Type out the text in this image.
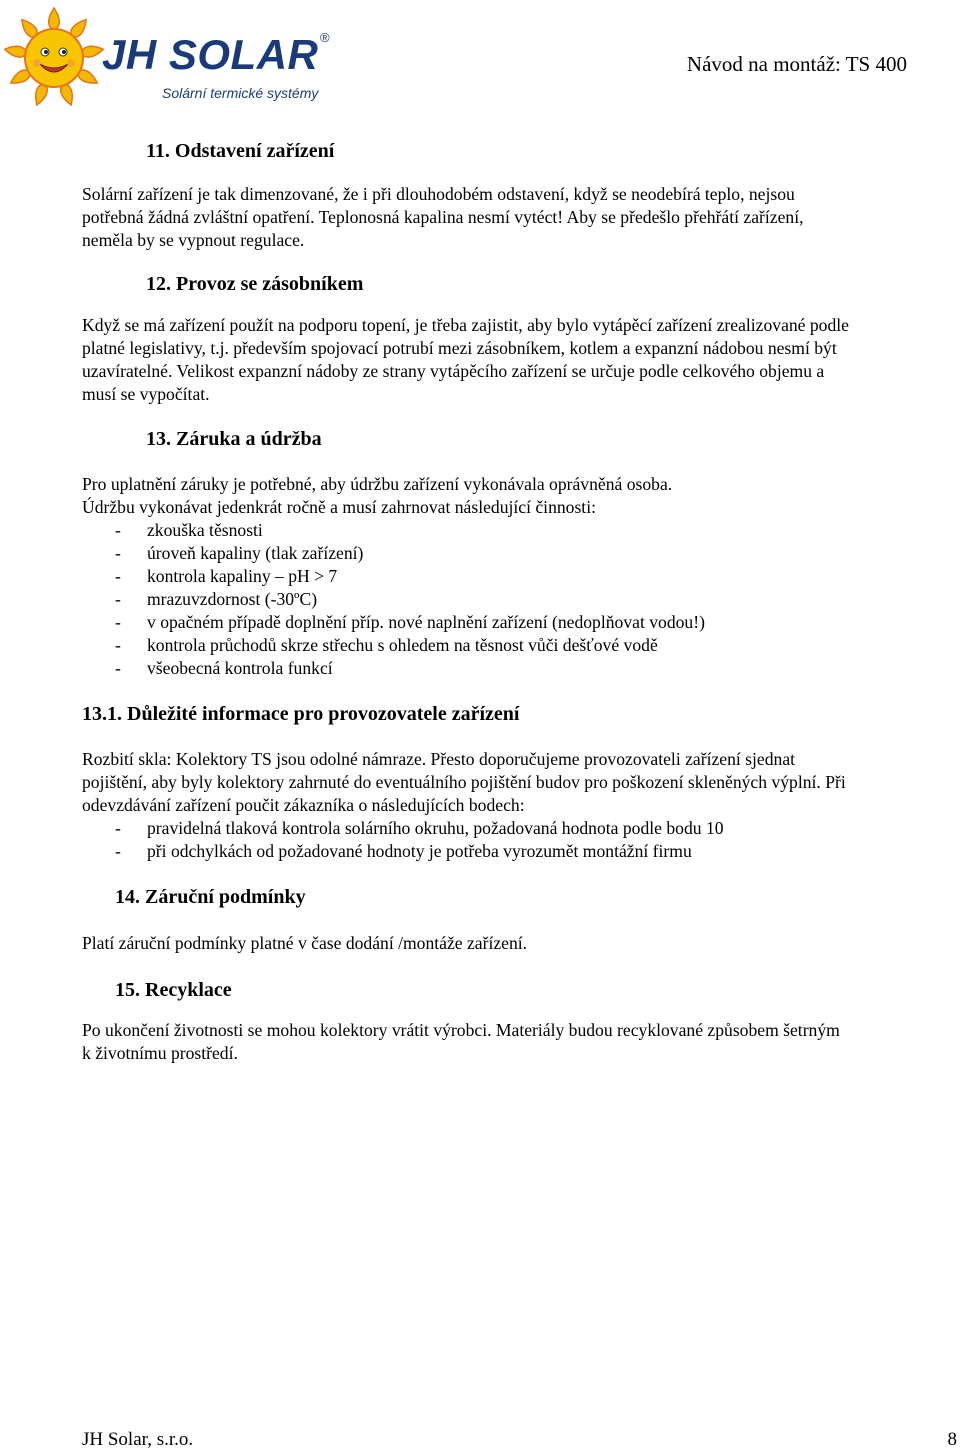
JH SOLAR ®
Solární termické systémy
Návod na montáž: TS 400
11. Odstavení zařízení

Solární zařízení je tak dimenzované, že i při dlouhodobém odstavení, když se neodebírá teplo, nejsou

potřebná žádná zvláštní opatření. Teplonosná kapalina nesmí vytéct! Aby se předešlo přehřátí zařízení,

neměla by se vypnout regulace.

12. Provoz se zásobníkem

Když se má zařízení použít na podporu topení, je třeba zajistit, aby bylo vytápěcí zařízení zrealizované podle

platné legislativy, t.j. především spojovací potrubí mezi zásobníkem, kotlem a expanzní nádobou nesmí být

uzavíratelné. Velikost expanzní nádoby ze strany vytápěcího zařízení se určuje podle celkového objemu a

musí se vypočítat.

13. Záruka a údržba

Pro uplatnění záruky je potřebné, aby údržbu zařízení vykonávala oprávněná osoba.

Údržbu vykonávat jedenkrát ročně a musí zahrnovat následující činnosti:

- zkouška těsnosti
- úroveň kapaliny (tlak zařízení)
- kontrola kapaliny – pH > 7
- mrazuvzdornost (-30ºC)
- v opačném případě doplnění příp. nové naplnění zařízení (nedoplňovat vodou!)
- kontrola průchodů skrze střechu s ohledem na těsnost vůči dešťové vodě
- všeobecná kontrola funkcí
13.1. Důležité informace pro provozovatele zařízení

Rozbití skla: Kolektory TS jsou odolné námraze. Přesto doporučujeme provozovateli zařízení sjednat

pojištění, aby byly kolektory zahrnuté do eventuálního pojištění budov pro poškození skleněných výplní. Při

odevzdávání zařízení poučit zákazníka o následujících bodech:

- pravidelná tlaková kontrola solárního okruhu, požadovaná hodnota podle bodu 10
- při odchylkách od požadované hodnoty je potřeba vyrozumět montážní firmu
14. Záruční podmínky

Platí záruční podmínky platné v čase dodání /montáže zařízení.

15. Recyklace

Po ukončení životnosti se mohou kolektory vrátit výrobci. Materiály budou recyklované způsobem šetrným

k životnímu prostředí.

JH Solar, s.r.o.	8
